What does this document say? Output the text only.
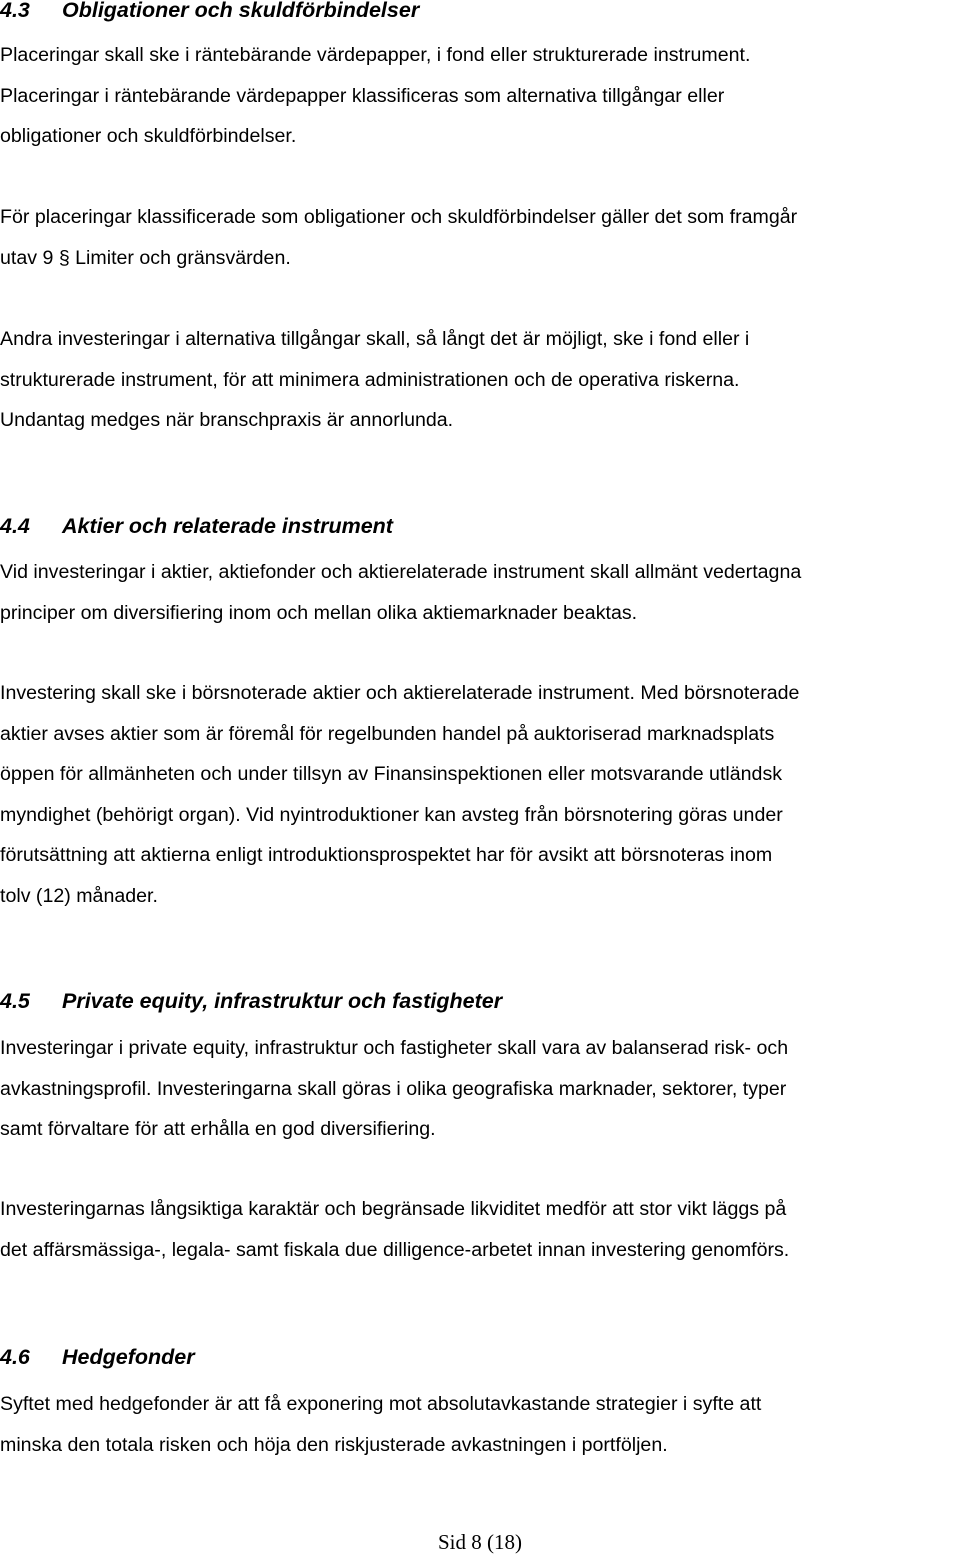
4.3 Obligationer och skuldförbindelser
Placeringar skall ske i räntebärande värdepapper, i fond eller strukturerade instrument.
Placeringar i räntebärande värdepapper klassificeras som alternativa tillgångar eller
obligationer och skuldförbindelser.
För placeringar klassificerade som obligationer och skuldförbindelser gäller det som framgår
utav 9 § Limiter och gränsvärden.
Andra investeringar i alternativa tillgångar skall, så långt det är möjligt, ske i fond eller i
strukturerade instrument, för att minimera administrationen och de operativa riskerna.
Undantag medges när branschpraxis är annorlunda.
4.4 Aktier och relaterade instrument
Vid investeringar i aktier, aktiefonder och aktierelaterade instrument skall allmänt vedertagna
principer om diversifiering inom och mellan olika aktiemarknader beaktas.
Investering skall ske i börsnoterade aktier och aktierelaterade instrument. Med börsnoterade
aktier avses aktier som är föremål för regelbunden handel på auktoriserad marknadsplats
öppen för allmänheten och under tillsyn av Finansinspektionen eller motsvarande utländsk
myndighet (behörigt organ). Vid nyintroduktioner kan avsteg från börsnotering göras under
förutsättning att aktierna enligt introduktionsprospektet har för avsikt att börsnoteras inom
tolv (12) månader.
4.5 Private equity, infrastruktur och fastigheter
Investeringar i private equity, infrastruktur och fastigheter skall vara av balanserad risk- och
avkastningsprofil. Investeringarna skall göras i olika geografiska marknader, sektorer, typer
samt förvaltare för att erhålla en god diversifiering.
Investeringarnas långsiktiga karaktär och begränsade likviditet medför att stor vikt läggs på
det affärsmässiga-, legala- samt fiskala due dilligence-arbetet innan investering genomförs.
4.6 Hedgefonder
Syftet med hedgefonder är att få exponering mot absolutavkastande strategier i syfte att
minska den totala risken och höja den riskjusterade avkastningen i portföljen.
Sid 8 (18)
